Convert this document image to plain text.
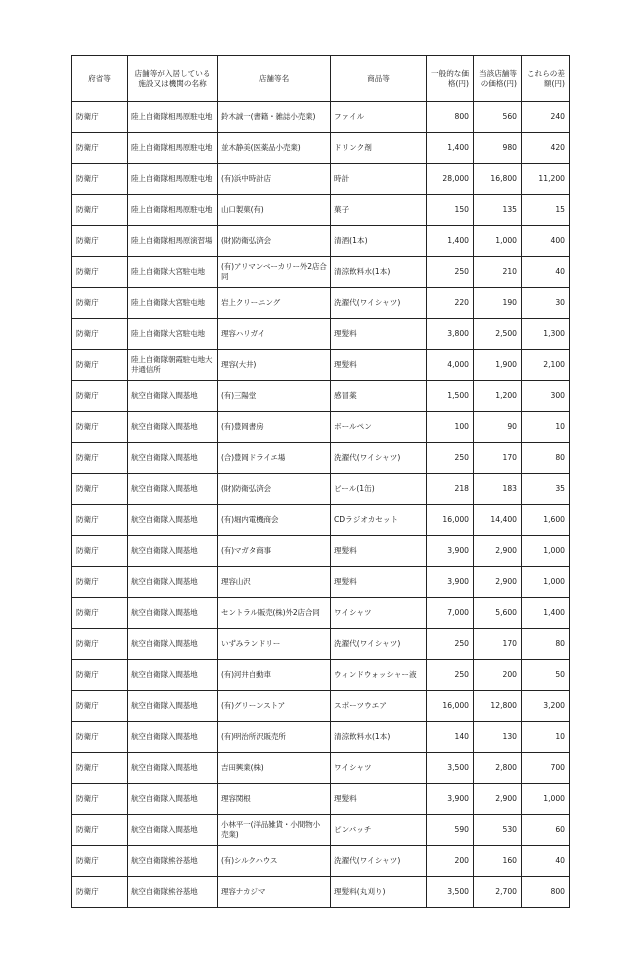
府省等	店舗等が入居している施設又は機関の名称	店舗等名	商品等	一般的な価格(円)	当該店舗等の価格(円)	これらの差額(円)
防衛庁	陸上自衛隊相馬原駐屯地	鈴木誠一(書籍・雑誌小売業)	ファイル	800	560	240
防衛庁	陸上自衛隊相馬原駐屯地	並木静美(医薬品小売業)	ドリンク剤	1,400	980	420
防衛庁	陸上自衛隊相馬原駐屯地	(有)浜中時計店	時計	28,000	16,800	11,200
防衛庁	陸上自衛隊相馬原駐屯地	山口製菓(有)	菓子	150	135	15
防衛庁	陸上自衛隊相馬原演習場	(財)防衛弘済会	清酒(1本)	1,400	1,000	400
防衛庁	陸上自衛隊大宮駐屯地	(有)アリマンベーカリー外2店合同	清涼飲料水(1本)	250	210	40
防衛庁	陸上自衛隊大宮駐屯地	岩上クリーニング	洗濯代(ワイシャツ)	220	190	30
防衛庁	陸上自衛隊大宮駐屯地	理容ハリガイ	理髪料	3,800	2,500	1,300
防衛庁	陸上自衛隊朝霞駐屯地大井通信所	理容(大井)	理髪料	4,000	1,900	2,100
防衛庁	航空自衛隊入間基地	(有)三陽堂	感冒薬	1,500	1,200	300
防衛庁	航空自衛隊入間基地	(有)豊岡書房	ボールペン	100	90	10
防衛庁	航空自衛隊入間基地	(合)豊岡ドライエ場	洗濯代(ワイシャツ)	250	170	80
防衛庁	航空自衛隊入間基地	(財)防衛弘済会	ビール(1缶)	218	183	35
防衛庁	航空自衛隊入間基地	(有)堀内電機商会	CDラジオカセット	16,000	14,400	1,600
防衛庁	航空自衛隊入間基地	(有)マガタ商事	理髪料	3,900	2,900	1,000
防衛庁	航空自衛隊入間基地	理容山沢	理髪料	3,900	2,900	1,000
防衛庁	航空自衛隊入間基地	セントラル販売(株)外2店合同	ワイシャツ	7,000	5,600	1,400
防衛庁	航空自衛隊入間基地	いずみランドリー	洗濯代(ワイシャツ)	250	170	80
防衛庁	航空自衛隊入間基地	(有)河井自動車	ウィンドウォッシャー液	250	200	50
防衛庁	航空自衛隊入間基地	(有)グリーンストア	スポーツウエア	16,000	12,800	3,200
防衛庁	航空自衛隊入間基地	(有)明治所沢販売所	清涼飲料水(1本)	140	130	10
防衛庁	航空自衛隊入間基地	吉田興業(株)	ワイシャツ	3,500	2,800	700
防衛庁	航空自衛隊入間基地	理容関根	理髪料	3,900	2,900	1,000
防衛庁	航空自衛隊入間基地	小林平一(洋品雑貨・小間物小売業)	ピンバッチ	590	530	60
防衛庁	航空自衛隊熊谷基地	(有)シルクハウス	洗濯代(ワイシャツ)	200	160	40
防衛庁	航空自衛隊熊谷基地	理容ナカジマ	理髪料(丸刈り)	3,500	2,700	800
